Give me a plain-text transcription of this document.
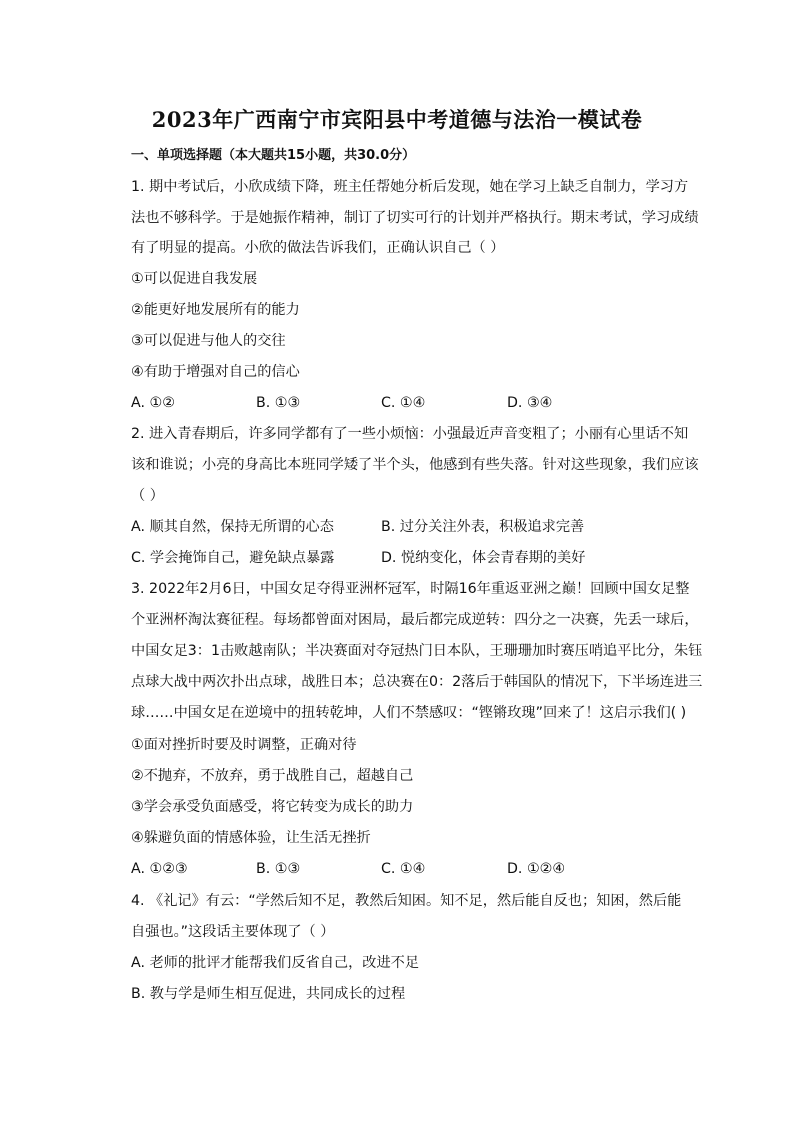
2023年广西南宁市宾阳县中考道德与法治一模试卷
一、单项选择题（本大题共15小题，共30.0分）
1. 期中考试后，小欣成绩下降，班主任帮她分析后发现，她在学习上缺乏自制力，学习方
法也不够科学。于是她振作精神，制订了切实可行的计划并严格执行。期末考试，学习成绩
有了明显的提高。小欣的做法告诉我们，正确认识自己（ ）
①可以促进自我发展
②能更好地发展所有的能力
③可以促进与他人的交往
④有助于增强对自己的信心
A. ①②	B. ①③	C. ①④	D. ③④
2. 进入青春期后，许多同学都有了一些小烦恼：小强最近声音变粗了；小丽有心里话不知
该和谁说；小亮的身高比本班同学矮了半个头，他感到有些失落。针对这些现象，我们应该
（ ）
A. 顺其自然，保持无所谓的心态	B. 过分关注外表，积极追求完善
C. 学会掩饰自己，避免缺点暴露	D. 悦纳变化，体会青春期的美好
3. 2022年2月6日，中国女足夺得亚洲杯冠军，时隔16年重返亚洲之巅！回顾中国女足整
个亚洲杯淘汰赛征程。每场都曾面对困局，最后都完成逆转：四分之一决赛，先丢一球后，
中国女足3：1击败越南队；半决赛面对夺冠热门日本队，王珊珊加时赛压哨追平比分，朱钰
点球大战中两次扑出点球，战胜日本；总决赛在0：2落后于韩国队的情况下，下半场连进三
球……中国女足在逆境中的扭转乾坤，人们不禁感叹：“铿锵玫瑰”回来了！这启示我们( )
①面对挫折时要及时调整，正确对待
②不抛弃，不放弃，勇于战胜自己，超越自己
③学会承受负面感受，将它转变为成长的助力
④躲避负面的情感体验，让生活无挫折
A. ①②③	B. ①③	C. ①④	D. ①②④
4. 《礼记》有云：“学然后知不足，教然后知困。知不足，然后能自反也；知困，然后能
自强也。”这段话主要体现了（ ）
A. 老师的批评才能帮我们反省自己，改进不足
B. 教与学是师生相互促进，共同成长的过程
